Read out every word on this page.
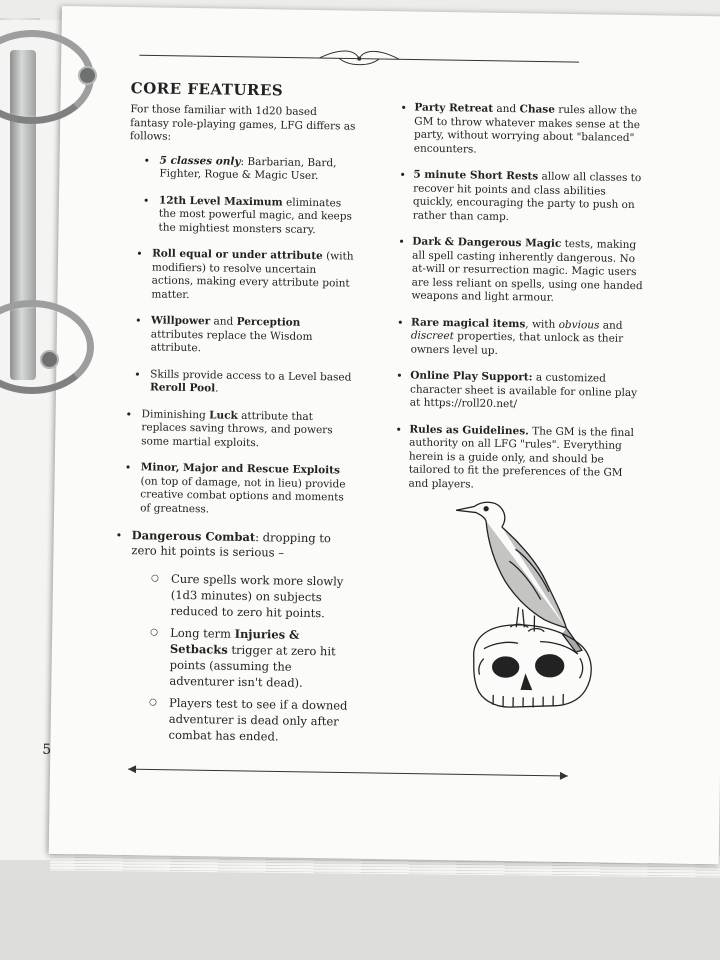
CORE FEATURES

For those familiar with 1d20 based fantasy role-playing games, LFG differs as follows:

• 5 classes only: Barbarian, Bard, Fighter, Rogue & Magic User.
• 12th Level Maximum eliminates the most powerful magic, and keeps the mightiest monsters scary.
• Roll equal or under attribute (with modifiers) to resolve uncertain actions, making every attribute point matter.
• Willpower and Perception attributes replace the Wisdom attribute.
• Skills provide access to a Level based Reroll Pool.
• Diminishing Luck attribute that replaces saving throws, and powers some martial exploits.
• Minor, Major and Rescue Exploits (on top of damage, not in lieu) provide creative combat options and moments of greatness.
• Dangerous Combat: dropping to zero hit points is serious –
○ Cure spells work more slowly (1d3 minutes) on subjects reduced to zero hit points.
○ Long term Injuries & Setbacks trigger at zero hit points (assuming the adventurer isn't dead).
○ Players test to see if a downed adventurer is dead only after combat has ended.
• Party Retreat and Chase rules allow the GM to throw whatever makes sense at the party, without worrying about "balanced" encounters.
• 5 minute Short Rests allow all classes to recover hit points and class abilities quickly, encouraging the party to push on rather than camp.
• Dark & Dangerous Magic tests, making all spell casting inherently dangerous. No at-will or resurrection magic. Magic users are less reliant on spells, using one handed weapons and light armour.
• Rare magical items, with obvious and discreet properties, that unlock as their owners level up.
• Online Play Support: a customized character sheet is available for online play at https://roll20.net/
• Rules as Guidelines. The GM is the final authority on all LFG "rules". Everything herein is a guide only, and should be tailored to fit the preferences of the GM and players.
5
